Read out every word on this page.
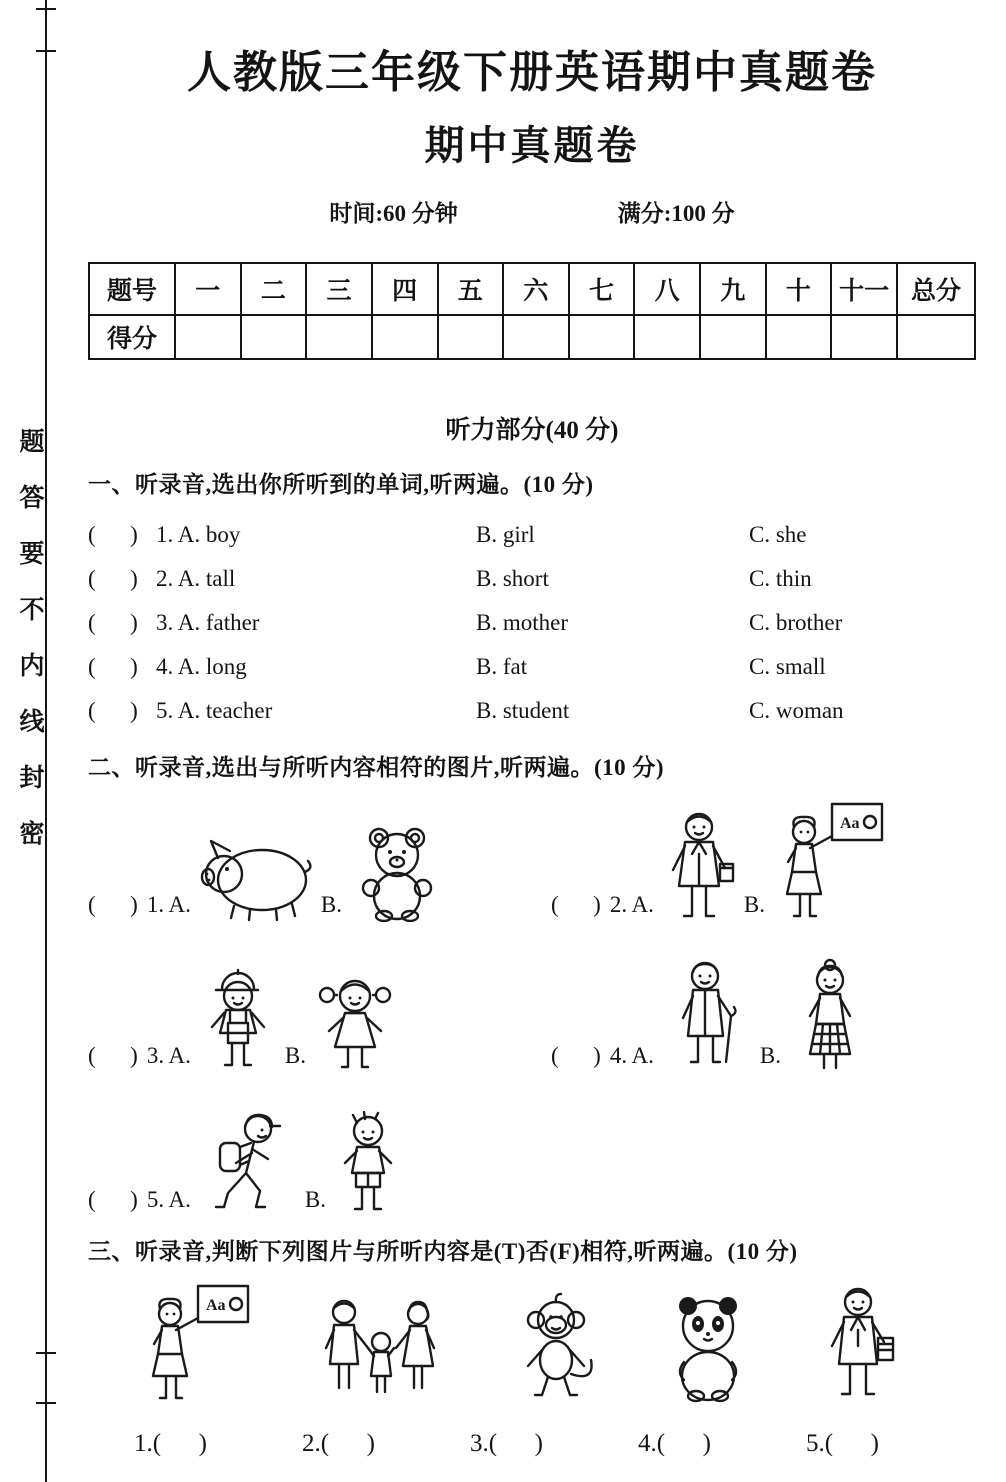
题答要不内线封密
人教版三年级下册英语期中真题卷
期中真题卷
时间:60 分钟	满分:100 分
题号	一	二	三	四	五	六	七	八	九	十	十一	总分
得分												
听力部分(40 分)
一、听录音,选出你所听到的单词,听两遍。(10 分)
(      ) 1. A. boy	B. girl	C. she
(      ) 2. A. tall	B. short	C. thin
(      ) 3. A. father	B. mother	C. brother
(      ) 4. A. long	B. fat	C. small
(      ) 5. A. teacher	B. student	C. woman
二、听录音,选出与所听内容相符的图片,听两遍。(10 分)
(      ) 1. A.	B.	(      ) 2. A.	B.
Aa
(      ) 3. A.	B.	(      ) 4. A.	B.
(      ) 5. A.	B.
三、听录音,判断下列图片与所听内容是(T)否(F)相符,听两遍。(10 分)
Aa
1.(      )	2.(      )	3.(      )	4.(      )	5.(      )
